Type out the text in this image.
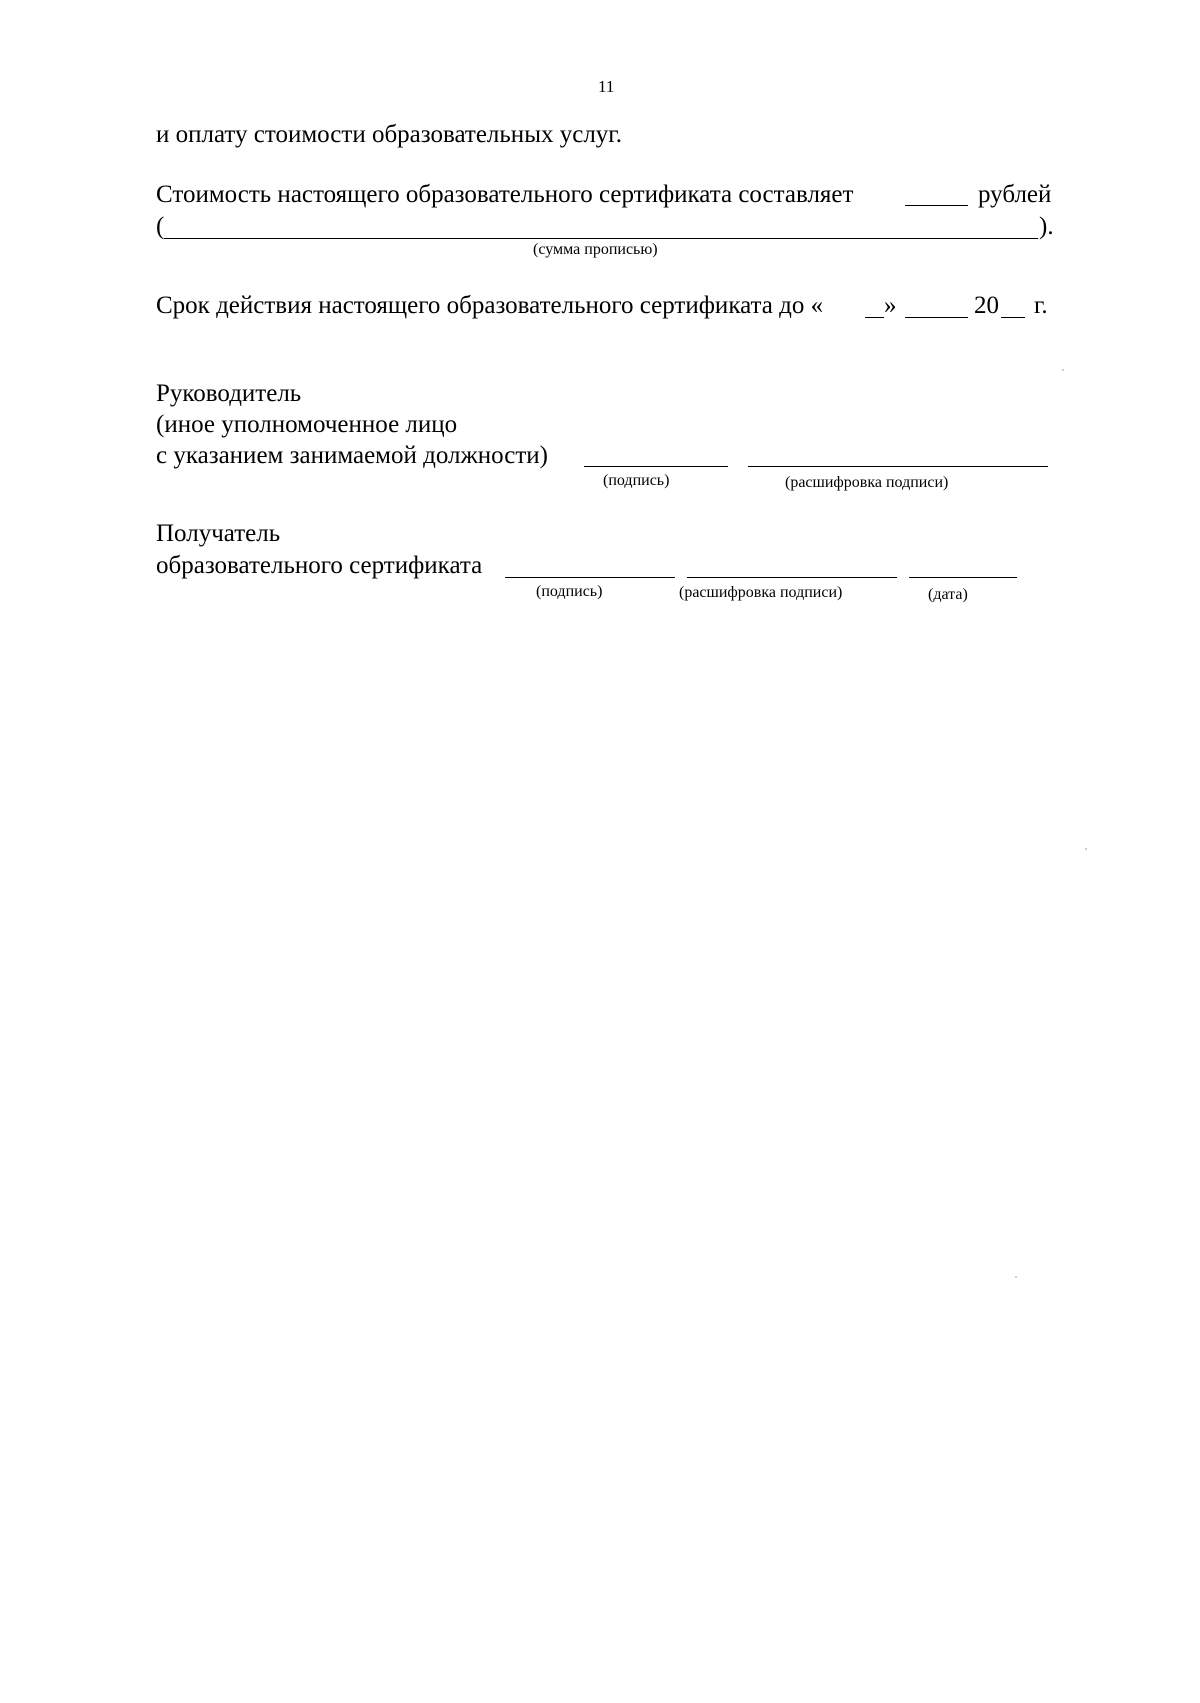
11
и оплату стоимости образовательных услуг.
Стоимость настоящего образовательного сертификата составляет	рублей
(	).
(сумма прописью)
Срок действия настоящего образовательного сертификата до « »	20 г.
Руководитель
(иное уполномоченное лицо
с указанием занимаемой должности)
(подпись)	(расшифровка подписи)
Получатель
образовательного сертификата
(подпись)	(расшифровка подписи)	(дата)
